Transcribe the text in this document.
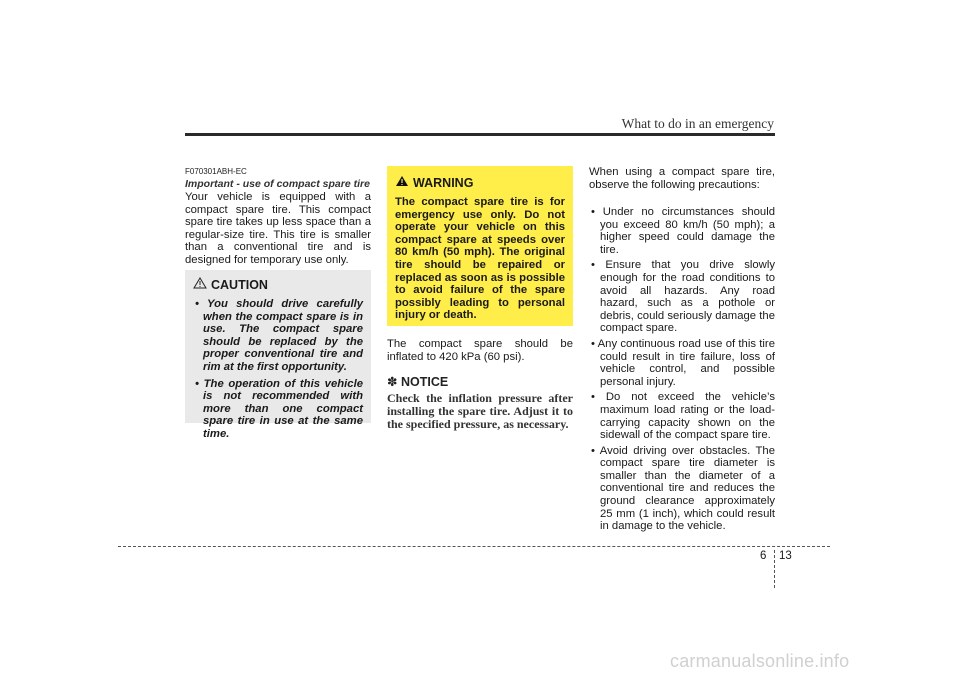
What to do in an emergency
F070301ABH-EC
Important - use of compact spare tire

Your vehicle is equipped with a compact spare tire. This compact spare tire takes up less space than a regular-size tire. This tire is smaller than a conventional tire and is designed for temporary use only.

CAUTION
• You should drive carefully when the compact spare is in use. The compact spare should be replaced by the proper conventional tire and rim at the first opportunity.
• The operation of this vehicle is not recommended with more than one compact spare tire in use at the same time.
WARNING

The compact spare tire is for emergency use only. Do not operate your vehicle on this compact spare at speeds over 80 km/h (50 mph). The original tire should be repaired or replaced as soon as is possible to avoid failure of the spare possibly leading to personal injury or death.

The compact spare should be inflated to 420 kPa (60 psi).

✽ NOTICE

Check the inflation pressure after installing the spare tire. Adjust it to the specified pressure, as necessary.

When using a compact spare tire, observe the following precautions:

• Under no circumstances should you exceed 80 km/h (50 mph); a higher speed could damage the tire.
• Ensure that you drive slowly enough for the road conditions to avoid all hazards. Any road hazard, such as a pothole or debris, could seriously damage the compact spare.
• Any continuous road use of this tire could result in tire failure, loss of vehicle control, and possible personal injury.
• Do not exceed the vehicle’s maximum load rating or the load-carrying capacity shown on the sidewall of the compact spare tire.
• Avoid driving over obstacles. The compact spare tire diameter is smaller than the diameter of a conventional tire and reduces the ground clearance approximately 25 mm (1 inch), which could result in damage to the vehicle.
6 13
carmanualsonline.info
